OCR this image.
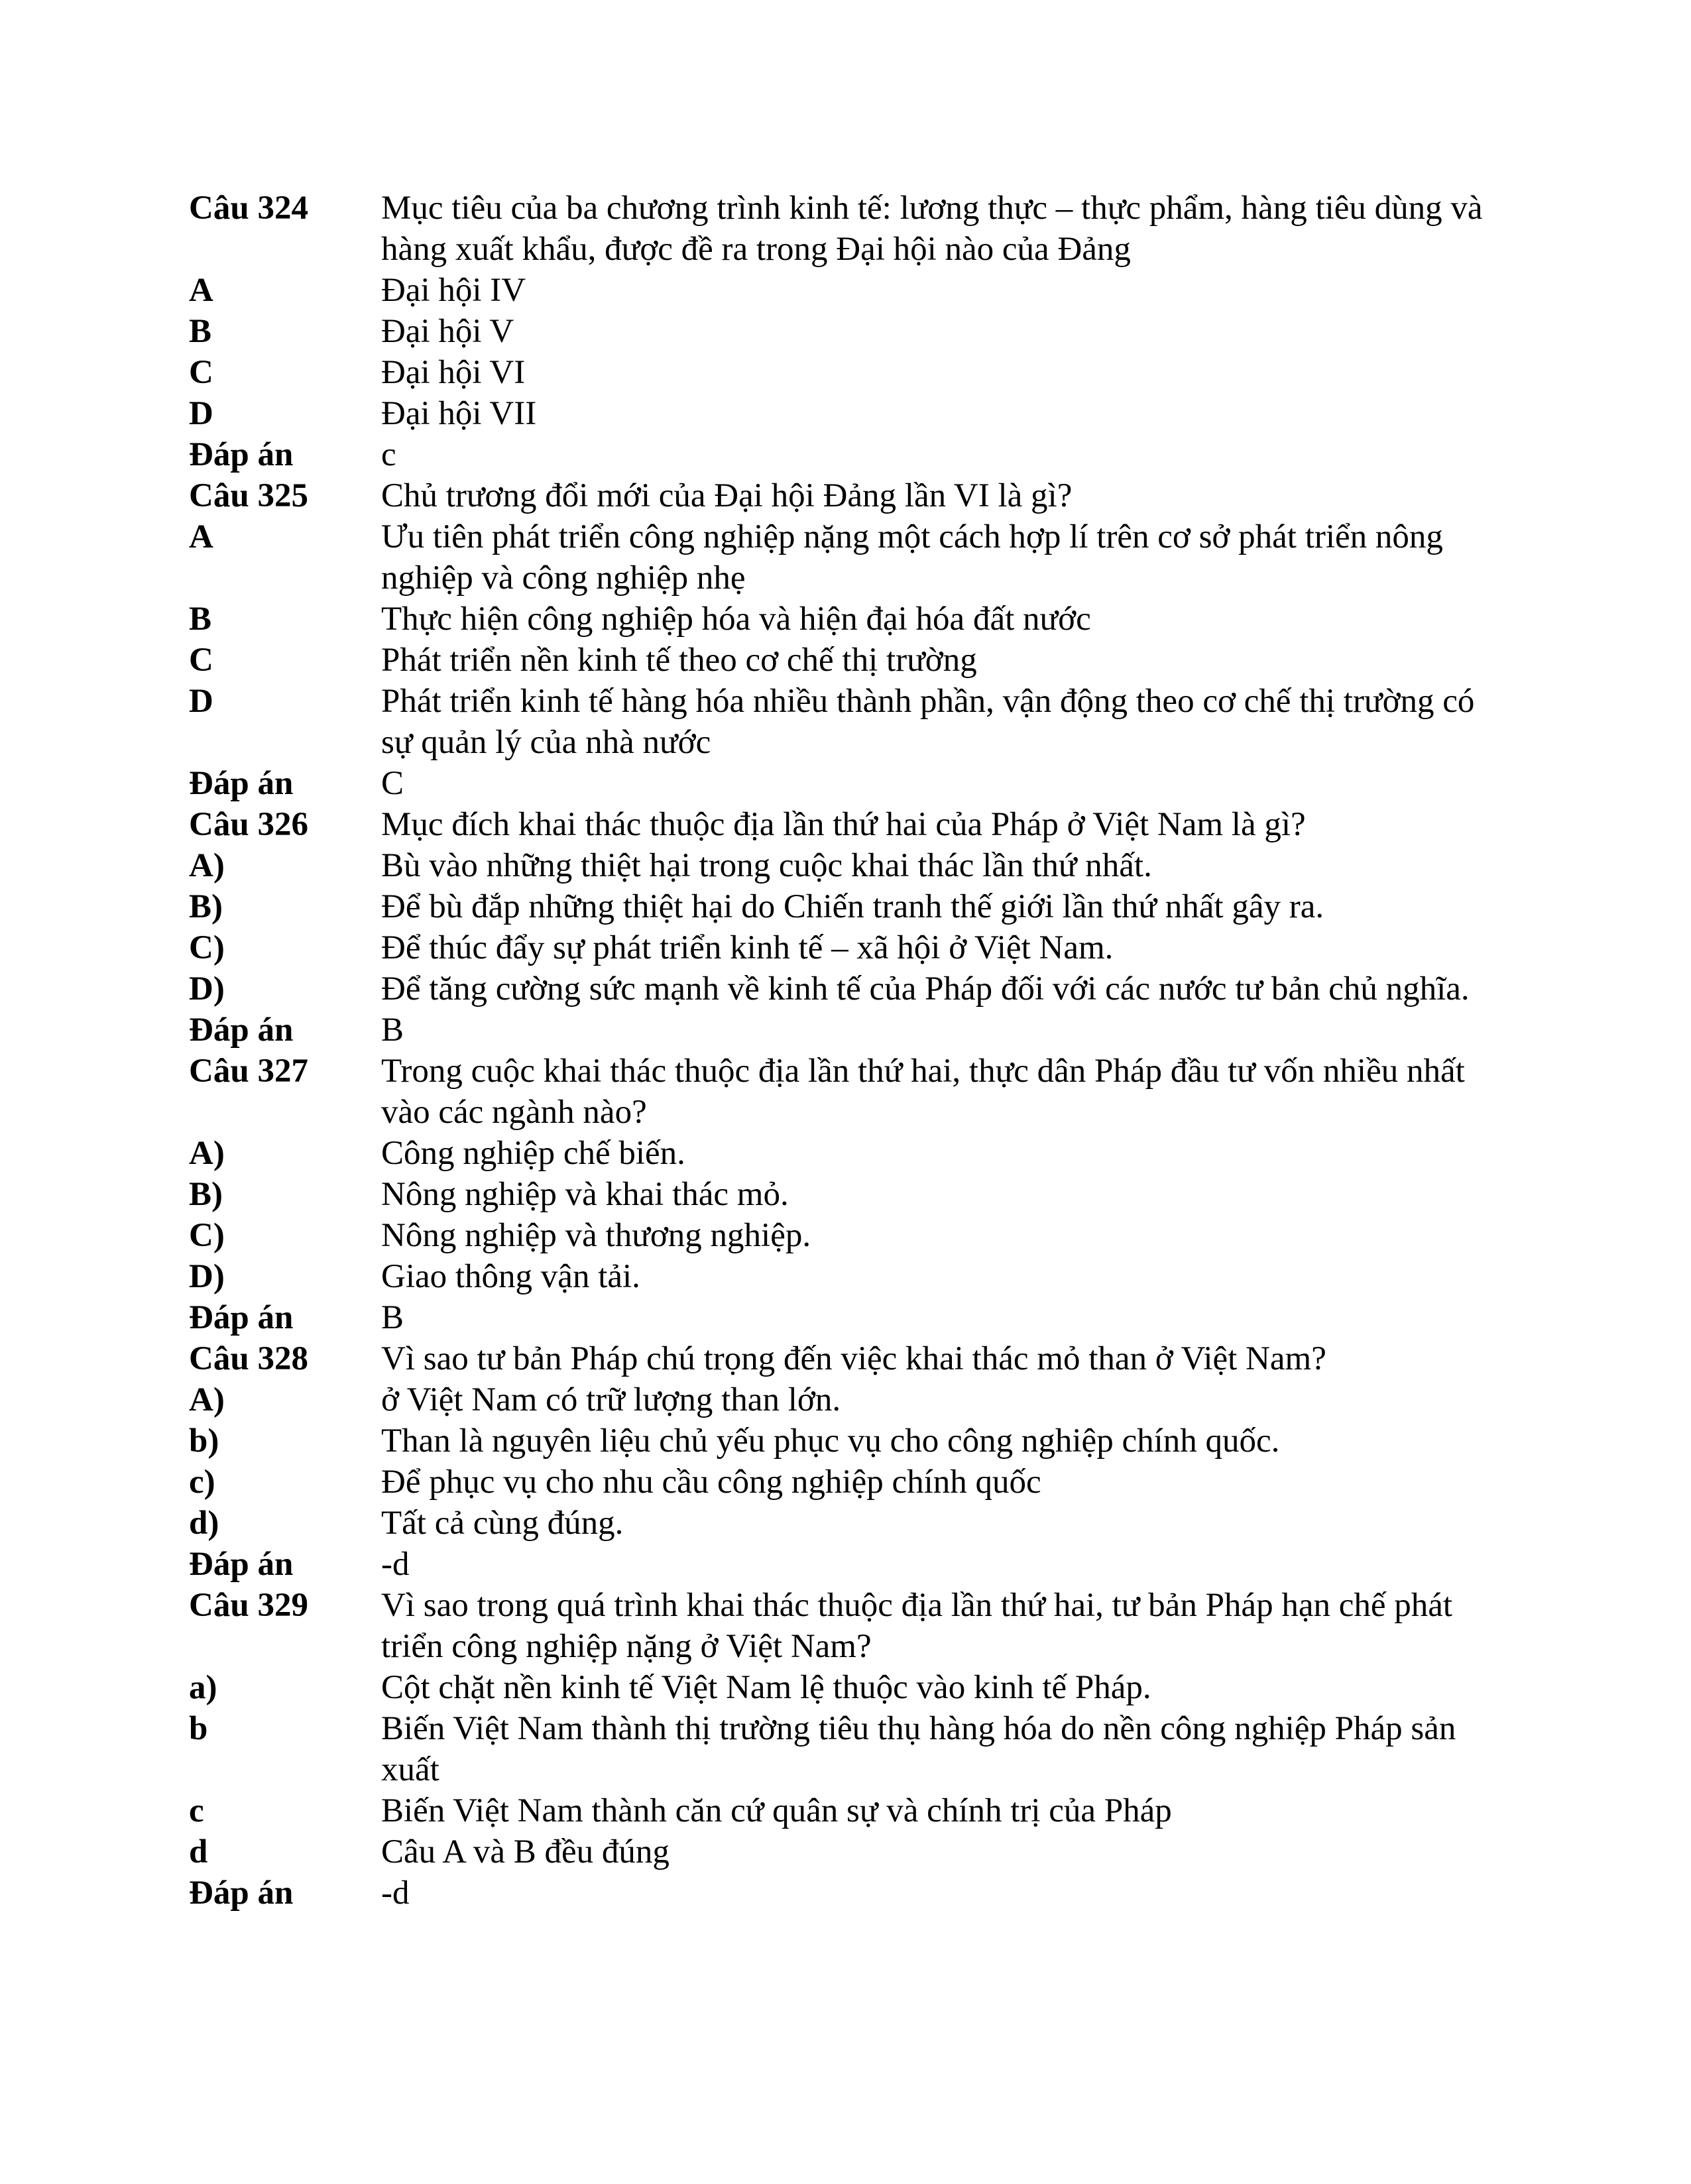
Câu 324	Mục tiêu của ba chương trình kinh tế: lương thực – thực phẩm, hàng tiêu dùng và hàng xuất khẩu, được đề ra trong Đại hội nào của Đảng
A	Đại hội IV
B	Đại hội V
C	Đại hội VI
D	Đại hội VII
Đáp án	c
Câu 325	Chủ trương đổi mới của Đại hội Đảng lần VI là gì?
A	Ưu tiên phát triển công nghiệp nặng một cách hợp lí trên cơ sở phát triển nông nghiệp và công nghiệp nhẹ
B	Thực hiện công nghiệp hóa và hiện đại hóa đất nước
C	Phát triển nền kinh tế theo cơ chế thị trường
D	Phát triển kinh tế hàng hóa nhiều thành phần, vận động theo cơ chế thị trường có sự quản lý của nhà nước
Đáp án	C
Câu 326	Mục đích khai thác thuộc địa lần thứ hai của Pháp ở Việt Nam là gì?
A)	Bù vào những thiệt hại trong cuộc khai thác lần thứ nhất.
B)	Để bù đắp những thiệt hại do Chiến tranh thế giới lần thứ nhất gây ra.
C)	Để thúc đẩy sự phát triển kinh tế – xã hội ở Việt Nam.
D)	Để tăng cường sức mạnh về kinh tế của Pháp đối với các nước tư bản chủ nghĩa.
Đáp án	B
Câu 327	Trong cuộc khai thác thuộc địa lần thứ hai, thực dân Pháp đầu tư vốn nhiều nhất vào các ngành nào?
A)	Công nghiệp chế biến.
B)	Nông nghiệp và khai thác mỏ.
C)	Nông nghiệp và thương nghiệp.
D)	Giao thông vận tải.
Đáp án	B
Câu 328	Vì sao tư bản Pháp chú trọng đến việc khai thác mỏ than ở Việt Nam?
A)	ở Việt Nam có trữ lượng than lớn.
b)	Than là nguyên liệu chủ yếu phục vụ cho công nghiệp chính quốc.
c)	Để phục vụ cho nhu cầu công nghiệp chính quốc
d)	Tất cả cùng đúng.
Đáp án	-d
Câu 329	Vì sao trong quá trình khai thác thuộc địa lần thứ hai, tư bản Pháp hạn chế phát triển công nghiệp nặng ở Việt Nam?
a)	Cột chặt nền kinh tế Việt Nam lệ thuộc vào kinh tế Pháp.
b	Biến Việt Nam thành thị trường tiêu thụ hàng hóa do nền công nghiệp Pháp sản xuất
c	Biến Việt Nam thành căn cứ quân sự và chính trị của Pháp
d	Câu A và B đều đúng
Đáp án	-d
